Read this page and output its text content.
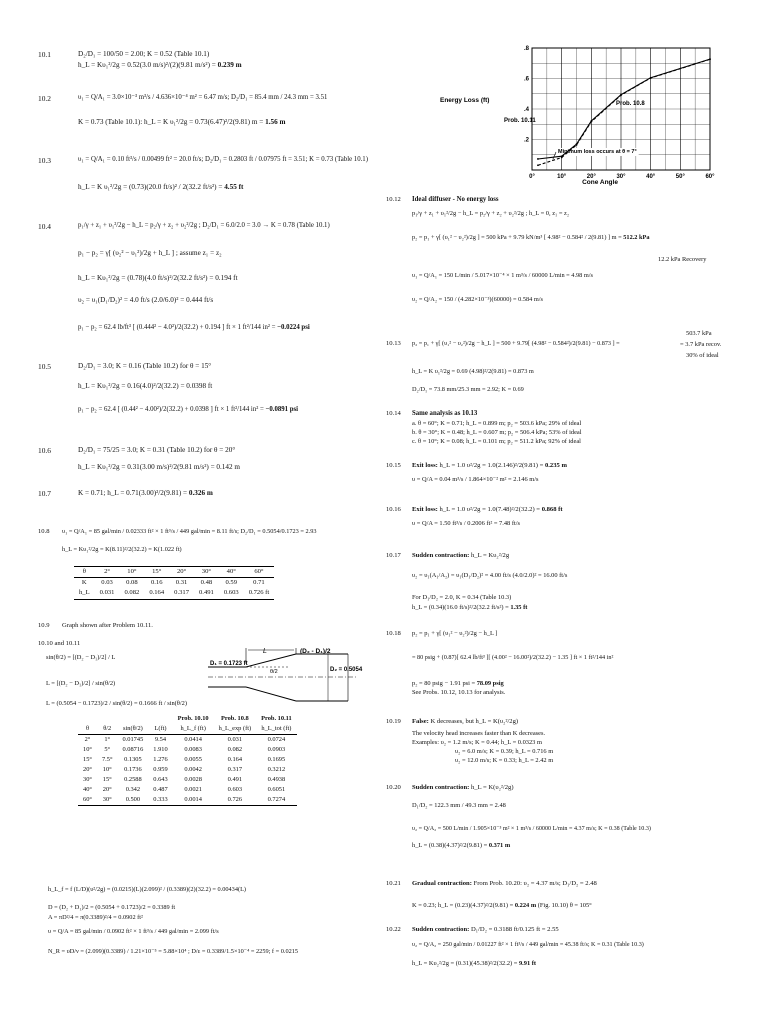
10.1	D₂/D₁ = 100/50 = 2.00; K = 0.52 (Table 10.1)
h_L = Kυ₁²/2g = 0.52(3.0 m/s)²/(2)(9.81 m/s²) = 0.239 m
10.2	υ₁ = Q/A₁ = 3.0×10⁻³ m³/s / 4.636×10⁻⁴ m² = 6.47 m/s; D₂/D₁ = 85.4 mm / 24.3 mm = 3.51
K = 0.73 (Table 10.1): h_L = K υ₁²/2g = 0.73(6.47)²/2(9.81) m = 1.56 m
10.3	υ₁ = Q/A₁ = 0.10 ft³/s / 0.00499 ft² = 20.0 ft/s; D₂/D₁ = 0.2803 ft / 0.07975 ft = 3.51; K = 0.73 (Table 10.1)
h_L = K υ₁²/2g = (0.73)(20.0 ft/s)² / 2(32.2 ft/s²) = 4.55 ft
10.4	p₁/γ + z₁ + υ₁²/2g − h_L = p₂/γ + z₂ + υ₂²/2g ; D₂/D₁ = 6.0/2.0 = 3.0 → K = 0.78 (Table 10.1)
p₁ − p₂ = γ[ (υ₂² − υ₁²)/2g + h_L ] ; assume z₁ = z₂
h_L = Kυ₁²/2g = (0.78)(4.0 ft/s)²/2(32.2 ft/s²) = 0.194 ft
υ₂ = υ₁(D₁/D₂)² = 4.0 ft/s (2.0/6.0)² = 0.444 ft/s
p₁ − p₂ = 62.4 lb/ft³ [ (0.444² − 4.0²)/2(32.2) + 0.194 ] ft × 1 ft²/144 in² = −0.0224 psi
10.5	D₂/D₁ = 3.0; K = 0.16 (Table 10.2) for θ = 15°
h_L = Kυ₁²/2g = 0.16(4.0)²/2(32.2) = 0.0398 ft
p₁ − p₂ = 62.4 [ (0.44² − 4.00²)/2(32.2) + 0.0398 ] ft × 1 ft²/144 in² = −0.0891 psi
10.6	D₂/D₁ = 75/25 = 3.0; K = 0.31 (Table 10.2) for θ = 20°
h_L = Kυ₁²/2g = 0.31(3.00 m/s)²/2(9.81 m/s²) = 0.142 m
10.7	K = 0.71; h_L = 0.71(3.00)²/2(9.81) = 0.326 m
10.8 υ₁ = Q/A₁ = 85 gal/min / 0.02333 ft² × 1 ft³/s / 449 gal/min = 8.11 ft/s; D₂/D₁ = 0.5054/0.1723 = 2.93
h_L = Kυ₁²/2g = K(8.11)²/2(32.2) = K(1.022 ft)
θ	2°	10°	15°	20°	30°	40°	60°
K	0.03	0.08	0.16	0.31	0.48	0.59	0.71
h_L	0.031	0.082	0.164	0.317	0.491	0.603	0.726 ft
10.9 Graph shown after Problem 10.11.
10.10 and 10.11
sin(θ/2) = [(D₂ − D₁)/2] / L
L = [(D₂ − D₁)/2] / sin(θ/2)
L = (0.5054 − 0.1723)/2 / sin(θ/2) = 0.1666 ft / sin(θ/2)
L	(D₂ - D₁)/2
D₁ = 0.1723 ft
D₂ = 0.5054
θ/2
				Prob. 10.10	Prob. 10.8	Prob. 10.11
θ	θ/2	sin(θ/2)	L(ft)	h_L_f (ft)	h_L_exp (ft)	h_L_tot (ft)
2°	1°	0.01745	9.54	0.0414	0.031	0.0724
10°	5°	0.08716	1.910	0.0083	0.082	0.0903
15°	7.5°	0.1305	1.276	0.0055	0.164	0.1695
20°	10°	0.1736	0.959	0.0042	0.317	0.3212
30°	15°	0.2588	0.643	0.0028	0.491	0.4938
40°	20°	0.342	0.487	0.0021	0.603	0.6051
60°	30°	0.500	0.333	0.0014	0.726	0.7274
h_L_f = f (L/D)(υ²/2g) = (0.0215)(L)(2.099)² / (0.3389)(2)(32.2) = 0.00434(L)
D = (D₂ + D₁)/2 = (0.5054 + 0.1723)/2 = 0.3389 ft
A = πD²/4 = π(0.3389)²/4 = 0.0902 ft²
υ = Q/A = 85 gal/min / 0.0902 ft² × 1 ft³/s / 449 gal/min = 2.099 ft/s
N_R = υD/ν = (2.099)(0.3389) / 1.21×10⁻⁵ = 5.88×10⁴ ; D/ε = 0.3389/1.5×10⁻⁴ = 2259; f = 0.0215
.2
.4
.6
.8
0°	10°	20°	30°	40°	50°	60°
Energy Loss (ft)
Cone Angle
Prob. 10.11
Prob. 10.8
Minimum loss occurs at θ = 7°
10.12 Ideal diffuser - No energy loss
p₁/γ + z₁ + υ₁²/2g − h_L = p₂/γ + z₂ + υ₂²/2g ; h_L = 0, z₁ = z₂
p₂ = p₁ + γ[ (υ₁² − υ₂²)/2g ] = 500 kPa + 9.79 kN/m³ [ 4.98² − 0.584² / 2(9.81) ] m = 512.2 kPa
12.2 kPa Recovery
υ₁ = Q/A₁ = 150 L/min / 5.017×10⁻⁴ × 1 m³/s / 60000 L/min = 4.98 m/s
υ₂ = Q/A₂ = 150 / (4.282×10⁻³)(60000) = 0.584 m/s
10.13 p₂ = p₁ + γ[ (υ₁² − υ₂²)/2g − h_L ] = 500 + 9.79[ (4.98² − 0.584²)/2(9.81) − 0.873 ] =
503.7 kPa
= 3.7 kPa recov.
30% of ideal
h_L = K υ₁²/2g = 0.69 (4.98)²/2(9.81) = 0.873 m
D₂/D₁ = 73.8 mm/25.3 mm = 2.92; K = 0.69
10.14 Same analysis as 10.13
a. θ = 60°; K = 0.71; h_L = 0.899 m; p₂ = 503.6 kPa; 29% of ideal
b. θ = 30°; K = 0.48; h_L = 0.607 m; p₂ = 506.4 kPa; 53% of ideal
c. θ = 10°; K = 0.08; h_L = 0.101 m; p₂ = 511.2 kPa; 92% of ideal
10.15 Exit loss: h_L = 1.0 υ²/2g = 1.0(2.146)²/2(9.81) = 0.235 m
υ = Q/A = 0.04 m³/s / 1.864×10⁻² m² = 2.146 m/s
10.16 Exit loss: h_L = 1.0 υ²/2g = 1.0(7.48)²/2(32.2) = 0.868 ft
υ = Q/A = 1.50 ft³/s / 0.2006 ft² = 7.48 ft/s
10.17 Sudden contraction: h_L = Kυ₂²/2g
υ₂ = υ₁(A₁/A₂) = υ₁(D₁/D₂)² = 4.00 ft/s (4.0/2.0)² = 16.00 ft/s
For D₁/D₂ = 2.0, K = 0.34 (Table 10.3)
h_L = (0.34)(16.0 ft/s)²/2(32.2 ft/s²) = 1.35 ft
10.18 p₂ = p₁ + γ[ (υ₁² − υ₂²)/2g − h_L ]
= 80 psig + (0.87)[ 62.4 lb/ft³ ][ (4.00² − 16.00²)/2(32.2) − 1.35 ] ft × 1 ft²/144 in²
p₂ = 80 psig − 1.91 psi = 78.09 psig
See Probs. 10.12, 10.13 for analysis.
10.19 False: K decreases, but h_L = K(υ₂²/2g)
The velocity head increases faster than K decreases.
Examples: υ₂ = 1.2 m/s; K = 0.44; h_L = 0.0323 m
υ₂ = 6.0 m/s; K = 0.39; h_L = 0.716 m
υ₂ = 12.0 m/s; K = 0.33; h_L = 2.42 m
10.20 Sudden contraction: h_L = K(υ₂²/2g)
D₁/D₂ = 122.3 mm / 49.3 mm = 2.48
υ₂ = Q/A₂ = 500 L/min / 1.905×10⁻³ m² × 1 m³/s / 60000 L/min = 4.37 m/s; K = 0.38 (Table 10.3)
h_L = (0.38)(4.37)²/2(9.81) = 0.371 m
10.21 Gradual contraction: From Prob. 10.20: υ₂ = 4.37 m/s; D₁/D₂ = 2.48
K = 0.23; h_L = (0.23)(4.37)²/2(9.81) = 0.224 m (Fig. 10.10) θ = 105°
10.22 Sudden contraction: D₁/D₂ = 0.3188 ft/0.125 ft = 2.55
υ₂ = Q/A₂ = 250 gal/min / 0.01227 ft² × 1 ft³/s / 449 gal/min = 45.38 ft/s; K = 0.31 (Table 10.3)
h_L = Kυ₂²/2g = (0.31)(45.38)²/2(32.2) = 9.91 ft
